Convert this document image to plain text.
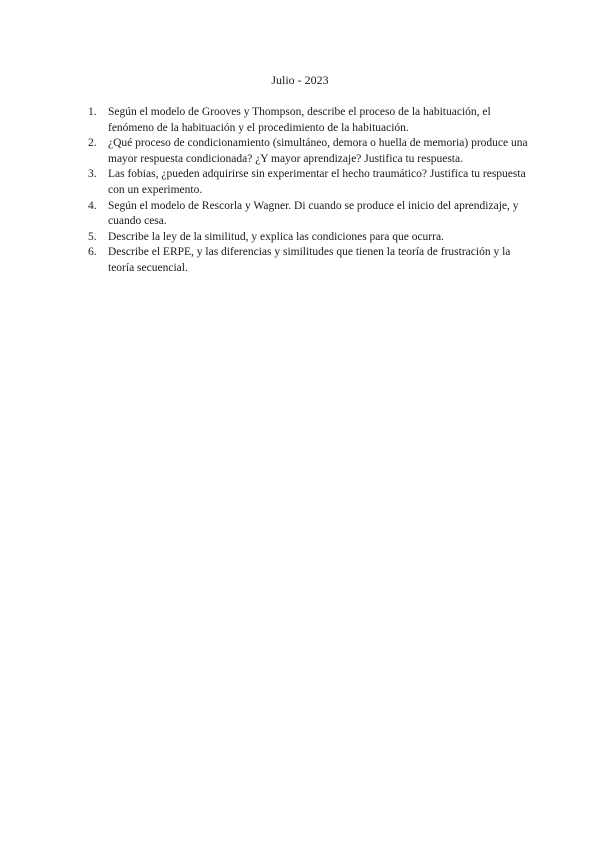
Julio - 2023
1. Según el modelo de Grooves y Thompson, describe el proceso de la habituación, el fenómeno de la habituación y el procedimiento de la habituación.
2. ¿Qué proceso de condicionamiento (simultáneo, demora o huella de memoria) produce una mayor respuesta condicionada? ¿Y mayor aprendizaje? Justifica tu respuesta.
3. Las fobias, ¿pueden adquirirse sin experimentar el hecho traumático? Justifica tu respuesta con un experimento.
4. Según el modelo de Rescorla y Wagner. Di cuando se produce el inicio del aprendizaje, y cuando cesa.
5. Describe la ley de la similitud, y explica las condiciones para que ocurra.
6. Describe el ERPE, y las diferencias y similitudes que tienen la teoría de frustración y la teoría secuencial.
